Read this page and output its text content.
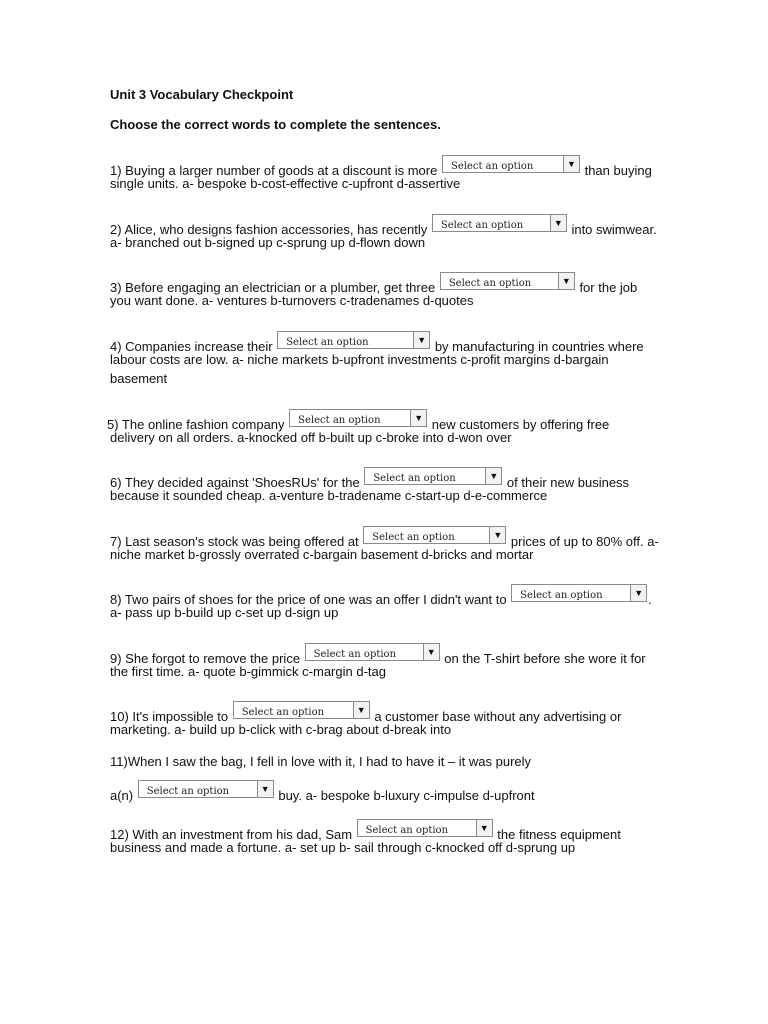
Unit 3 Vocabulary Checkpoint

Choose the correct words to complete the sentences.

1) Buying a larger number of goods at a discount is more Select an option	▼ than buying
single units. a- bespoke b-cost-effective c-upfront d-assertive
2) Alice, who designs fashion accessories, has recently Select an option	▼ into swimwear.
a- branched out b-signed up c-sprung up d-flown down
3) Before engaging an electrician or a plumber, get three Select an option	▼ for the job
you want done. a- ventures b-turnovers c-tradenames d-quotes
4) Companies increase their Select an option	▼ by manufacturing in countries where
labour costs are low. a- niche markets b-upfront investments c-profit margins d-bargain
basement
5) The online fashion company Select an option	▼ new customers by offering free
delivery on all orders. a-knocked off b-built up c-broke into d-won over
6) They decided against 'ShoesRUs' for the Select an option	▼ of their new business
because it sounded cheap. a-venture b-tradename c-start-up d-e-commerce
7) Last season's stock was being offered at Select an option	▼ prices of up to 80% off. a-
niche market b-grossly overrated c-bargain basement d-bricks and mortar
8) Two pairs of shoes for the price of one was an offer I didn't want to Select an option	▼ .
a- pass up b-build up c-set up d-sign up
9) She forgot to remove the price Select an option	▼ on the T-shirt before she wore it for
the first time. a- quote b-gimmick c-margin d-tag
10) It's impossible to Select an option	▼ a customer base without any advertising or
marketing. a- build up b-click with c-brag about d-break into
11)When I saw the bag, I fell in love with it, I had to have it – it was purely
a(n) Select an option	▼ buy. a- bespoke b-luxury c-impulse d-upfront
12) With an investment from his dad, Sam Select an option	▼ the fitness equipment
business and made a fortune. a- set up b- sail through c-knocked off d-sprung up
